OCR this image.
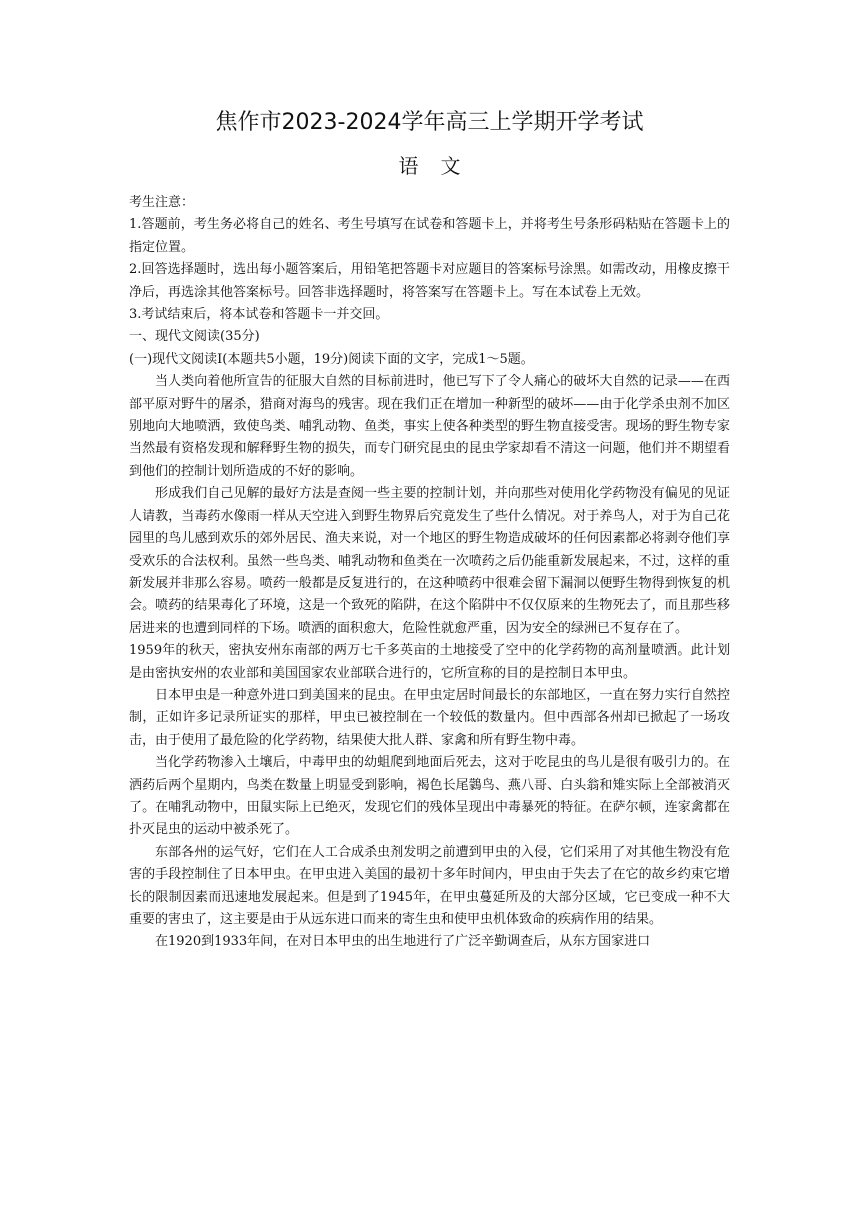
焦作市2023-2024学年高三上学期开学考试
语文

考生注意：

1.答题前，考生务必将自己的姓名、考生号填写在试卷和答题卡上，并将考生号条形码粘贴在答题卡上的指定位置。

2.回答选择题时，选出每小题答案后，用铅笔把答题卡对应题目的答案标号涂黑。如需改动，用橡皮擦干净后，再选涂其他答案标号。回答非选择题时，将答案写在答题卡上。写在本试卷上无效。

3.考试结束后，将本试卷和答题卡一并交回。

一、现代文阅读(35分)

(一)现代文阅读I(本题共5小题，19分)阅读下面的文字，完成1～5题。

当人类向着他所宣告的征服大自然的目标前进时，他已写下了令人痛心的破坏大自然的记录——在西部平原对野牛的屠杀，猎商对海鸟的残害。现在我们正在增加一种新型的破坏——由于化学杀虫剂不加区别地向大地喷洒，致使鸟类、哺乳动物、鱼类，事实上使各种类型的野生物直接受害。现场的野生物专家当然最有资格发现和解释野生物的损失，而专门研究昆虫的昆虫学家却看不清这一问题，他们并不期望看到他们的控制计划所造成的不好的影响。

形成我们自己见解的最好方法是查阅一些主要的控制计划，并向那些对使用化学药物没有偏见的见证人请教，当毒药水像雨一样从天空进入到野生物界后究竟发生了些什么情况。对于养鸟人，对于为自己花园里的鸟儿感到欢乐的郊外居民、渔夫来说，对一个地区的野生物造成破坏的任何因素都必将剥夺他们享受欢乐的合法权利。虽然一些鸟类、哺乳动物和鱼类在一次喷药之后仍能重新发展起来，不过，这样的重新发展并非那么容易。喷药一般都是反复进行的，在这种喷药中很难会留下漏洞以便野生物得到恢复的机会。喷药的结果毒化了环境，这是一个致死的陷阱，在这个陷阱中不仅仅原来的生物死去了，而且那些移居进来的也遭到同样的下场。喷洒的面积愈大，危险性就愈严重，因为安全的绿洲已不复存在了。

1959年的秋天，密执安州东南部的两万七千多英亩的土地接受了空中的化学药物的高剂量喷洒。此计划是由密执安州的农业部和美国国家农业部联合进行的，它所宣称的目的是控制日本甲虫。

日本甲虫是一种意外进口到美国来的昆虫。在甲虫定居时间最长的东部地区，一直在努力实行自然控制，正如许多记录所证实的那样，甲虫已被控制在一个较低的数量内。但中西部各州却已掀起了一场攻击，由于使用了最危险的化学药物，结果使大批人群、家禽和所有野生物中毒。

当化学药物渗入土壤后，中毒甲虫的幼蛆爬到地面后死去，这对于吃昆虫的鸟儿是很有吸引力的。在洒药后两个星期内，鸟类在数量上明显受到影响，褐色长尾鸏鸟、燕八哥、白头翁和雉实际上全部被消灭了。在哺乳动物中，田鼠实际上已绝灭，发现它们的残体呈现出中毒暴死的特征。在萨尔顿，连家禽都在扑灭昆虫的运动中被杀死了。

东部各州的运气好，它们在人工合成杀虫剂发明之前遭到甲虫的入侵，它们采用了对其他生物没有危害的手段控制住了日本甲虫。在甲虫进入美国的最初十多年时间内，甲虫由于失去了在它的故乡约束它增长的限制因素而迅速地发展起来。但是到了1945年，在甲虫蔓延所及的大部分区域，它已变成一种不大重要的害虫了，这主要是由于从远东进口而来的寄生虫和使甲虫机体致命的疾病作用的结果。

在1920到1933年间，在对日本甲虫的出生地进行了广泛辛勤调查后，从东方国家进口
